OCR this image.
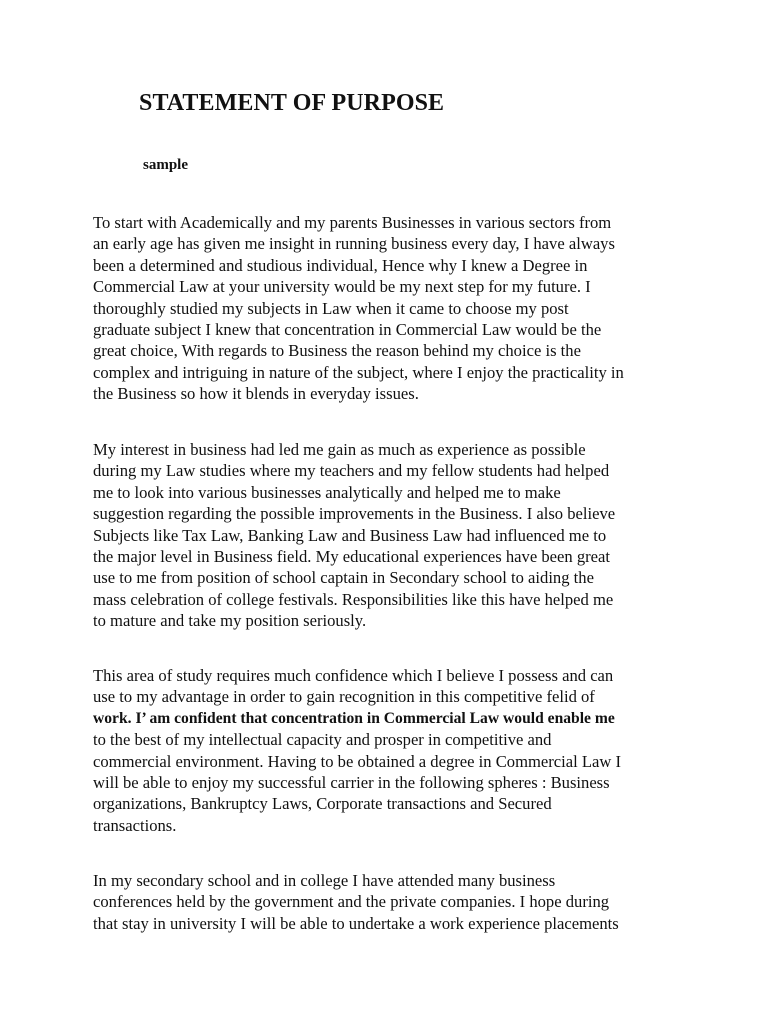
STATEMENT OF PURPOSE
sample
To start with Academically and my parents Businesses in various sectors from
an early age has given me insight in running business every day, I have always
been a determined and studious individual, Hence why I knew a Degree in
Commercial Law at your university would be my next step for my future. I
thoroughly studied my subjects in Law when it came to choose my post
graduate subject I knew that concentration in Commercial Law would be the
great choice, With regards to Business the reason behind my choice is the
complex and intriguing in nature of the subject, where I enjoy the practicality in
the Business so how it blends in everyday issues.
My interest in business had led me gain as much as experience as possible
during my Law studies where my teachers and my fellow students had helped
me to look into various businesses analytically and helped me to make
suggestion regarding the possible improvements in the Business. I also believe
Subjects like Tax Law, Banking Law and Business Law had influenced me to
the major level in Business field. My educational experiences have been great
use to me from position of school captain in Secondary school to aiding the
mass celebration of college festivals. Responsibilities like this have helped me
to mature and take my position seriously.
This area of study requires much confidence which I believe I possess and can
use to my advantage in order to gain recognition in this competitive felid of
work. I’ am confident that concentration in Commercial Law would enable me
to the best of my intellectual capacity and prosper in competitive and
commercial environment. Having to be obtained a degree in Commercial Law I
will be able to enjoy my successful carrier in the following spheres : Business
organizations, Bankruptcy Laws, Corporate transactions and Secured
transactions.
In my secondary school and in college I have attended many business
conferences held by the government and the private companies. I hope during
that stay in university I will be able to undertake a work experience placements
